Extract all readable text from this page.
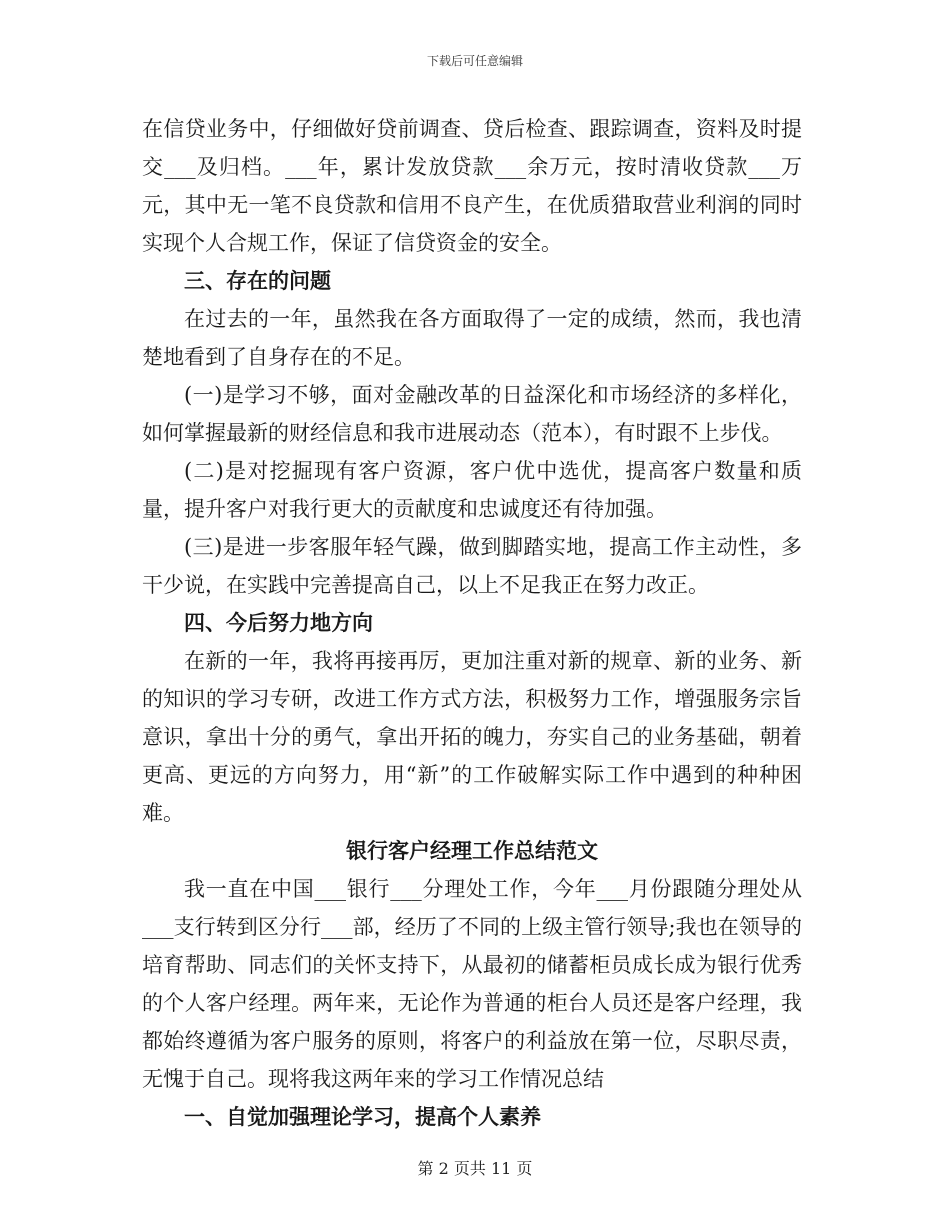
下载后可任意编辑

在信贷业务中，仔细做好贷前调查、贷后检查、跟踪调查，资料及时提交___及归档。___年，累计发放贷款___余万元，按时清收贷款___万元，其中无一笔不良贷款和信用不良产生，在优质猎取营业利润的同时实现个人合规工作，保证了信贷资金的安全。

三、存在的问题

在过去的一年，虽然我在各方面取得了一定的成绩，然而，我也清楚地看到了自身存在的不足。

(一)是学习不够，面对金融改革的日益深化和市场经济的多样化，如何掌握最新的财经信息和我市进展动态（范本），有时跟不上步伐。

(二)是对挖掘现有客户资源，客户优中选优，提高客户数量和质量，提升客户对我行更大的贡献度和忠诚度还有待加强。

(三)是进一步客服年轻气躁，做到脚踏实地，提高工作主动性，多干少说，在实践中完善提高自己，以上不足我正在努力改正。

四、今后努力地方向

在新的一年，我将再接再厉，更加注重对新的规章、新的业务、新的知识的学习专研，改进工作方式方法，积极努力工作，增强服务宗旨意识，拿出十分的勇气，拿出开拓的魄力，夯实自己的业务基础，朝着更高、更远的方向努力，用“新”的工作破解实际工作中遇到的种种困难。

银行客户经理工作总结范文

我一直在中国___银行___分理处工作，今年___月份跟随分理处从___支行转到区分行___部，经历了不同的上级主管行领导;我也在领导的培育帮助、同志们的关怀支持下，从最初的储蓄柜员成长成为银行优秀的个人客户经理。两年来，无论作为普通的柜台人员还是客户经理，我都始终遵循为客户服务的原则，将客户的利益放在第一位，尽职尽责，无愧于自己。现将我这两年来的学习工作情况总结

一、自觉加强理论学习，提高个人素养

第 2 页共 11 页
